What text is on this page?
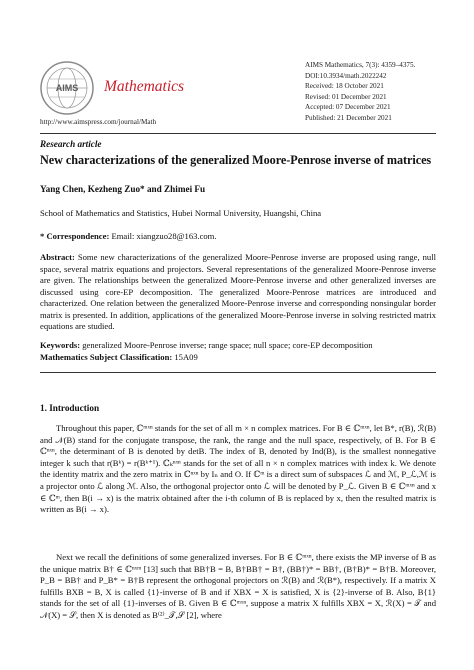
AIMS Mathematics
http://www.aimspress.com/journal/Math
AIMS Mathematics, 7(3): 4359–4375.
DOI:10.3934/math.2022242
Received: 18 October 2021
Revised: 01 December 2021
Accepted: 07 December 2021
Published: 21 December 2021
Research article
New characterizations of the generalized Moore-Penrose inverse of matrices
Yang Chen, Kezheng Zuo* and Zhimei Fu
School of Mathematics and Statistics, Hubei Normal University, Huangshi, China
* Correspondence: Email: xiangzuo28@163.com.
Abstract: Some new characterizations of the generalized Moore-Penrose inverse are proposed using range, null space, several matrix equations and projectors. Several representations of the generalized Moore-Penrose inverse are given. The relationships between the generalized Moore-Penrose inverse and other generalized inverses are discussed using core-EP decomposition. The generalized Moore-Penrose matrices are introduced and characterized. One relation between the generalized Moore-Penrose inverse and corresponding nonsingular border matrix is presented. In addition, applications of the generalized Moore-Penrose inverse in solving restricted matrix equations are studied.
Keywords: generalized Moore-Penrose inverse; range space; null space; core-EP decomposition
Mathematics Subject Classification: 15A09
1. Introduction
Throughout this paper, ℂᵐˣⁿ stands for the set of all m × n complex matrices. For B ∈ ℂᵐˣⁿ, let B*, r(B), ℛ(B) and 𝒩(B) stand for the conjugate transpose, the rank, the range and the null space, respectively, of B. For B ∈ ℂⁿˣⁿ, the determinant of B is denoted by detB. The index of B, denoted by Ind(B), is the smallest nonnegative integer k such that r(Bᵏ) = r(Bᵏ⁺¹). ℂₖⁿˣⁿ stands for the set of all n × n complex matrices with index k. We denote the identity matrix and the zero matrix in ℂⁿˣⁿ by Iₙ and O. If ℂᵐ is a direct sum of subspaces ℒ and ℳ, P_ℒ,ℳ is a projector onto ℒ along ℳ. Also, the orthogonal projector onto ℒ will be denoted by P_ℒ. Given B ∈ ℂᵐˣⁿ and x ∈ ℂᵐ, then B(i → x) is the matrix obtained after the i-th column of B is replaced by x, then the resulted matrix is written as B(i → x).
Next we recall the definitions of some generalized inverses. For B ∈ ℂᵐˣⁿ, there exists the MP inverse of B as the unique matrix B† ∈ ℂⁿˣᵐ [13] such that BB†B = B, B†BB† = B†, (BB†)* = BB†, (B†B)* = B†B. Moreover, P_B = BB† and P_B* = B†B represent the orthogonal projectors on ℛ(B) and ℛ(B*), respectively. If a matrix X fulfills BXB = B, X is called {1}-inverse of B and if XBX = X is satisfied, X is {2}-inverse of B. Also, B{1} stands for the set of all {1}-inverses of B. Given B ∈ ℂᵐˣⁿ, suppose a matrix X fulfills XBX = X, ℛ(X) = 𝒯 and 𝒩(X) = 𝒮, then X is denoted as B⁽²⁾_𝒯,𝒮 [2], where
